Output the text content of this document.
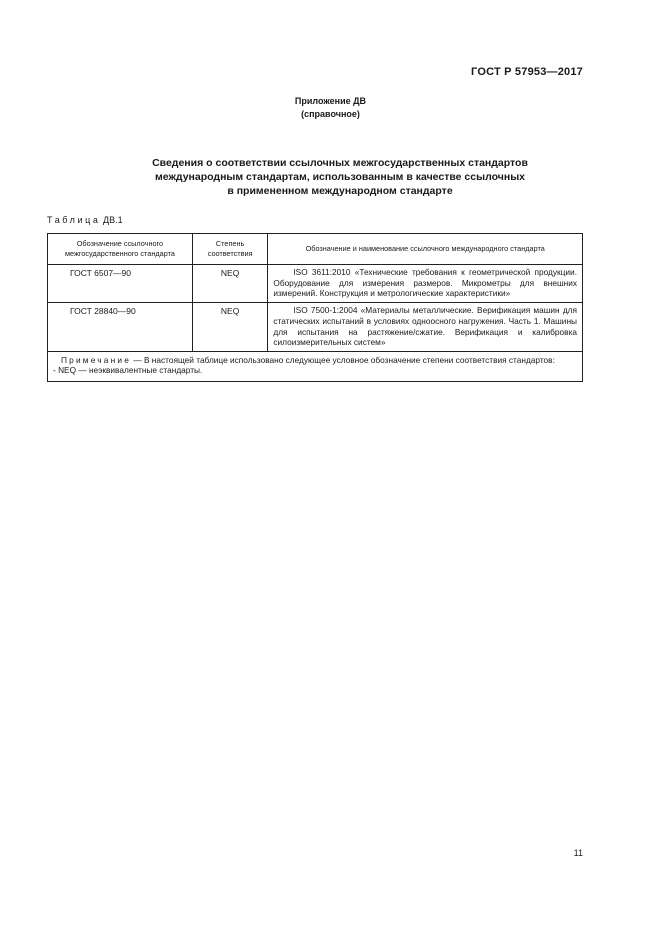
ГОСТ Р 57953—2017
Приложение ДВ
(справочное)
Сведения о соответствии ссылочных межгосударственных стандартов
международным стандартам, использованным в качестве ссылочных
в примененном международном стандарте
Таблица ДВ.1
Обозначение ссылочного межгосударственного стандарта	Степень соответствия	Обозначение и наименование ссылочного международного стандарта
ГОСТ 6507—90	NEQ	ISO 3611:2010 «Технические требования к геометрической продукции. Оборудование для измерения размеров. Микрометры для внешних измерений. Конструкция и метрологические характеристики»
ГОСТ 28840—90	NEQ	ISO 7500-1:2004 «Материалы металлические. Верификация машин для статических испытаний в условиях одноосного нагружения. Часть 1. Машины для испытания на растяжение/сжатие. Верификация и калибровка силоизмерительных систем»

Примечание — В настоящей таблице использовано следующее условное обозначение степени соответствия стандартов:
- NEQ — неэквивалентные стандарты.		
11
